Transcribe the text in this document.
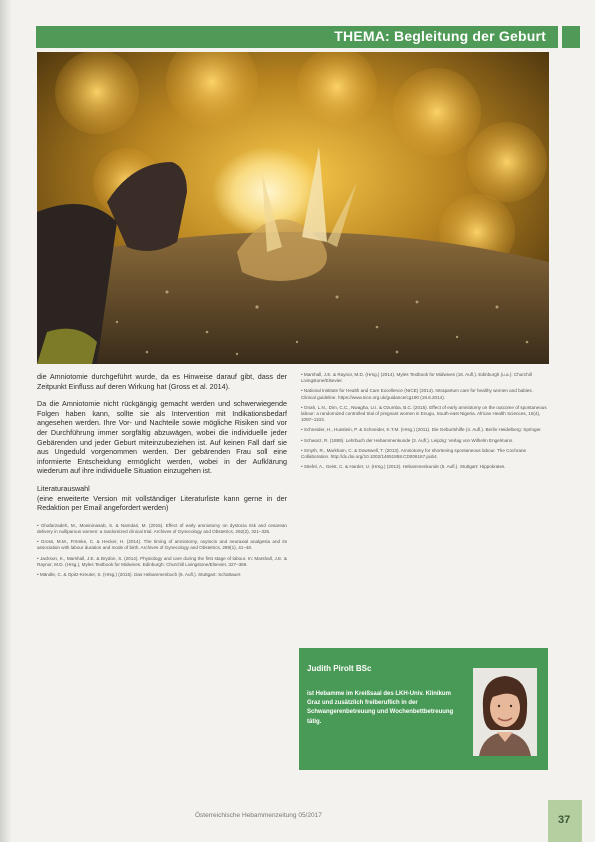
THEMA: Begleitung der Geburt

die Amniotomie durchgeführt wurde, da es Hinweise darauf gibt, dass der Zeitpunkt Einfluss auf deren Wirkung hat (Gross et al. 2014).

Da die Amniotomie nicht rückgängig gemacht werden und schwerwiegende Folgen haben kann, sollte sie als Intervention mit Indikationsbedarf angesehen werden. Ihre Vor- und Nachteile sowie mögliche Risiken sind vor der Durchführung immer sorgfältig abzuwägen, wobei die individuelle jeder Gebärenden und jeder Geburt miteinzubeziehen ist. Auf keinen Fall darf sie aus Ungeduld vorgenommen werden. Der gebärenden Frau soll eine informierte Entscheidung ermöglicht werden, wobei in der Aufklärung wiederum auf ihre individuelle Situation einzugehen ist.

Literaturauswahl

(eine erweiterte Version mit vollständiger Literaturliste kann gerne in der Redaktion per Email angefordert werden)

• Ghafarzadeh, M., Moeininasab, S. & Namdari, M. (2015). Effect of early amniotomy on dystocia risk and cesarean delivery in nulliparous women: a randomized clinical trial. Archives of Gynecology and Obstetrics, 292(2), 321–325.
• Gross, M.M., Frömke, C. & Hecker, H. (2014). The timing of amniotomy, oxytocin and neuraxial analgesia and its association with labour duration and mode of birth. Archives of Gynecology and Obstetrics, 289(1), 41–48.
• Jackson, K., Marshall, J.E. & Brydon, S. (2014). Physiology and care during the first stage of labour. In: Marshall, J.E. & Raynor, M.D. (Hrsg.), Myles Textbook for Midwives. Edinburgh: Churchill Livingstone/Elsevier, 327–366.
• Mändle, C. & Opitz-Kreuter, S. (Hrsg.) (2015). Das Hebammenbuch (6. Aufl.). Stuttgart: Schattauer.
• Marshall, J.E. & Raynor, M.D. (Hrsg.) (2014). Myles Textbook for Midwives (16. Aufl.). Edinburgh (u.a.): Churchill Livingstone/Elsevier.
• National Institute for Health and Care Excellence (NICE) (2014). Intrapartum care for healthy women and babies. Clinical guideline. https://www.nice.org.uk/guidance/cg190 (18.6.2014).
• Onah, L.N., Dim, C.C., Nwagha, U.I. & Ozumba, B.C. (2015). Effect of early amniotomy on the outcome of spontaneous labour: a randomized controlled trial of pregnant women in Enugu, South-east Nigeria. African Health Sciences, 15(4), 1097–1103.
• Schneider, H., Husslein, P. & Schneider, K.T.M. (Hrsg.) (2011). Die Geburtshilfe (4. Aufl.). Berlin Heidelberg: Springer.
• Schwarz, R. (1889). Lehrbuch der Hebammenkunde (3. Aufl.). Leipzig: Verlag von Wilhelm Engelmann.
• Smyth, R., Markham, C. & Dowswell, T. (2013). Amniotomy for shortening spontaneous labour. The Cochrane Collaboration. http://dx.doi.org/10.1002/14651858.CD006167.pub4.
• Stiefel, A., Geist, C. & Harder, U. (Hrsg.) (2013). Hebammenkunde (5. Aufl.). Stuttgart: Hippokrates.
Judith Pirolt BSc
ist Hebamme im Kreißsaal des LKH-Univ. Klinikum Graz und zusätzlich freiberuflich in der Schwangerenbetreuung und Wochenbettbetreuung tätig.
Österreichische Hebammenzeitung 05/2017	37
